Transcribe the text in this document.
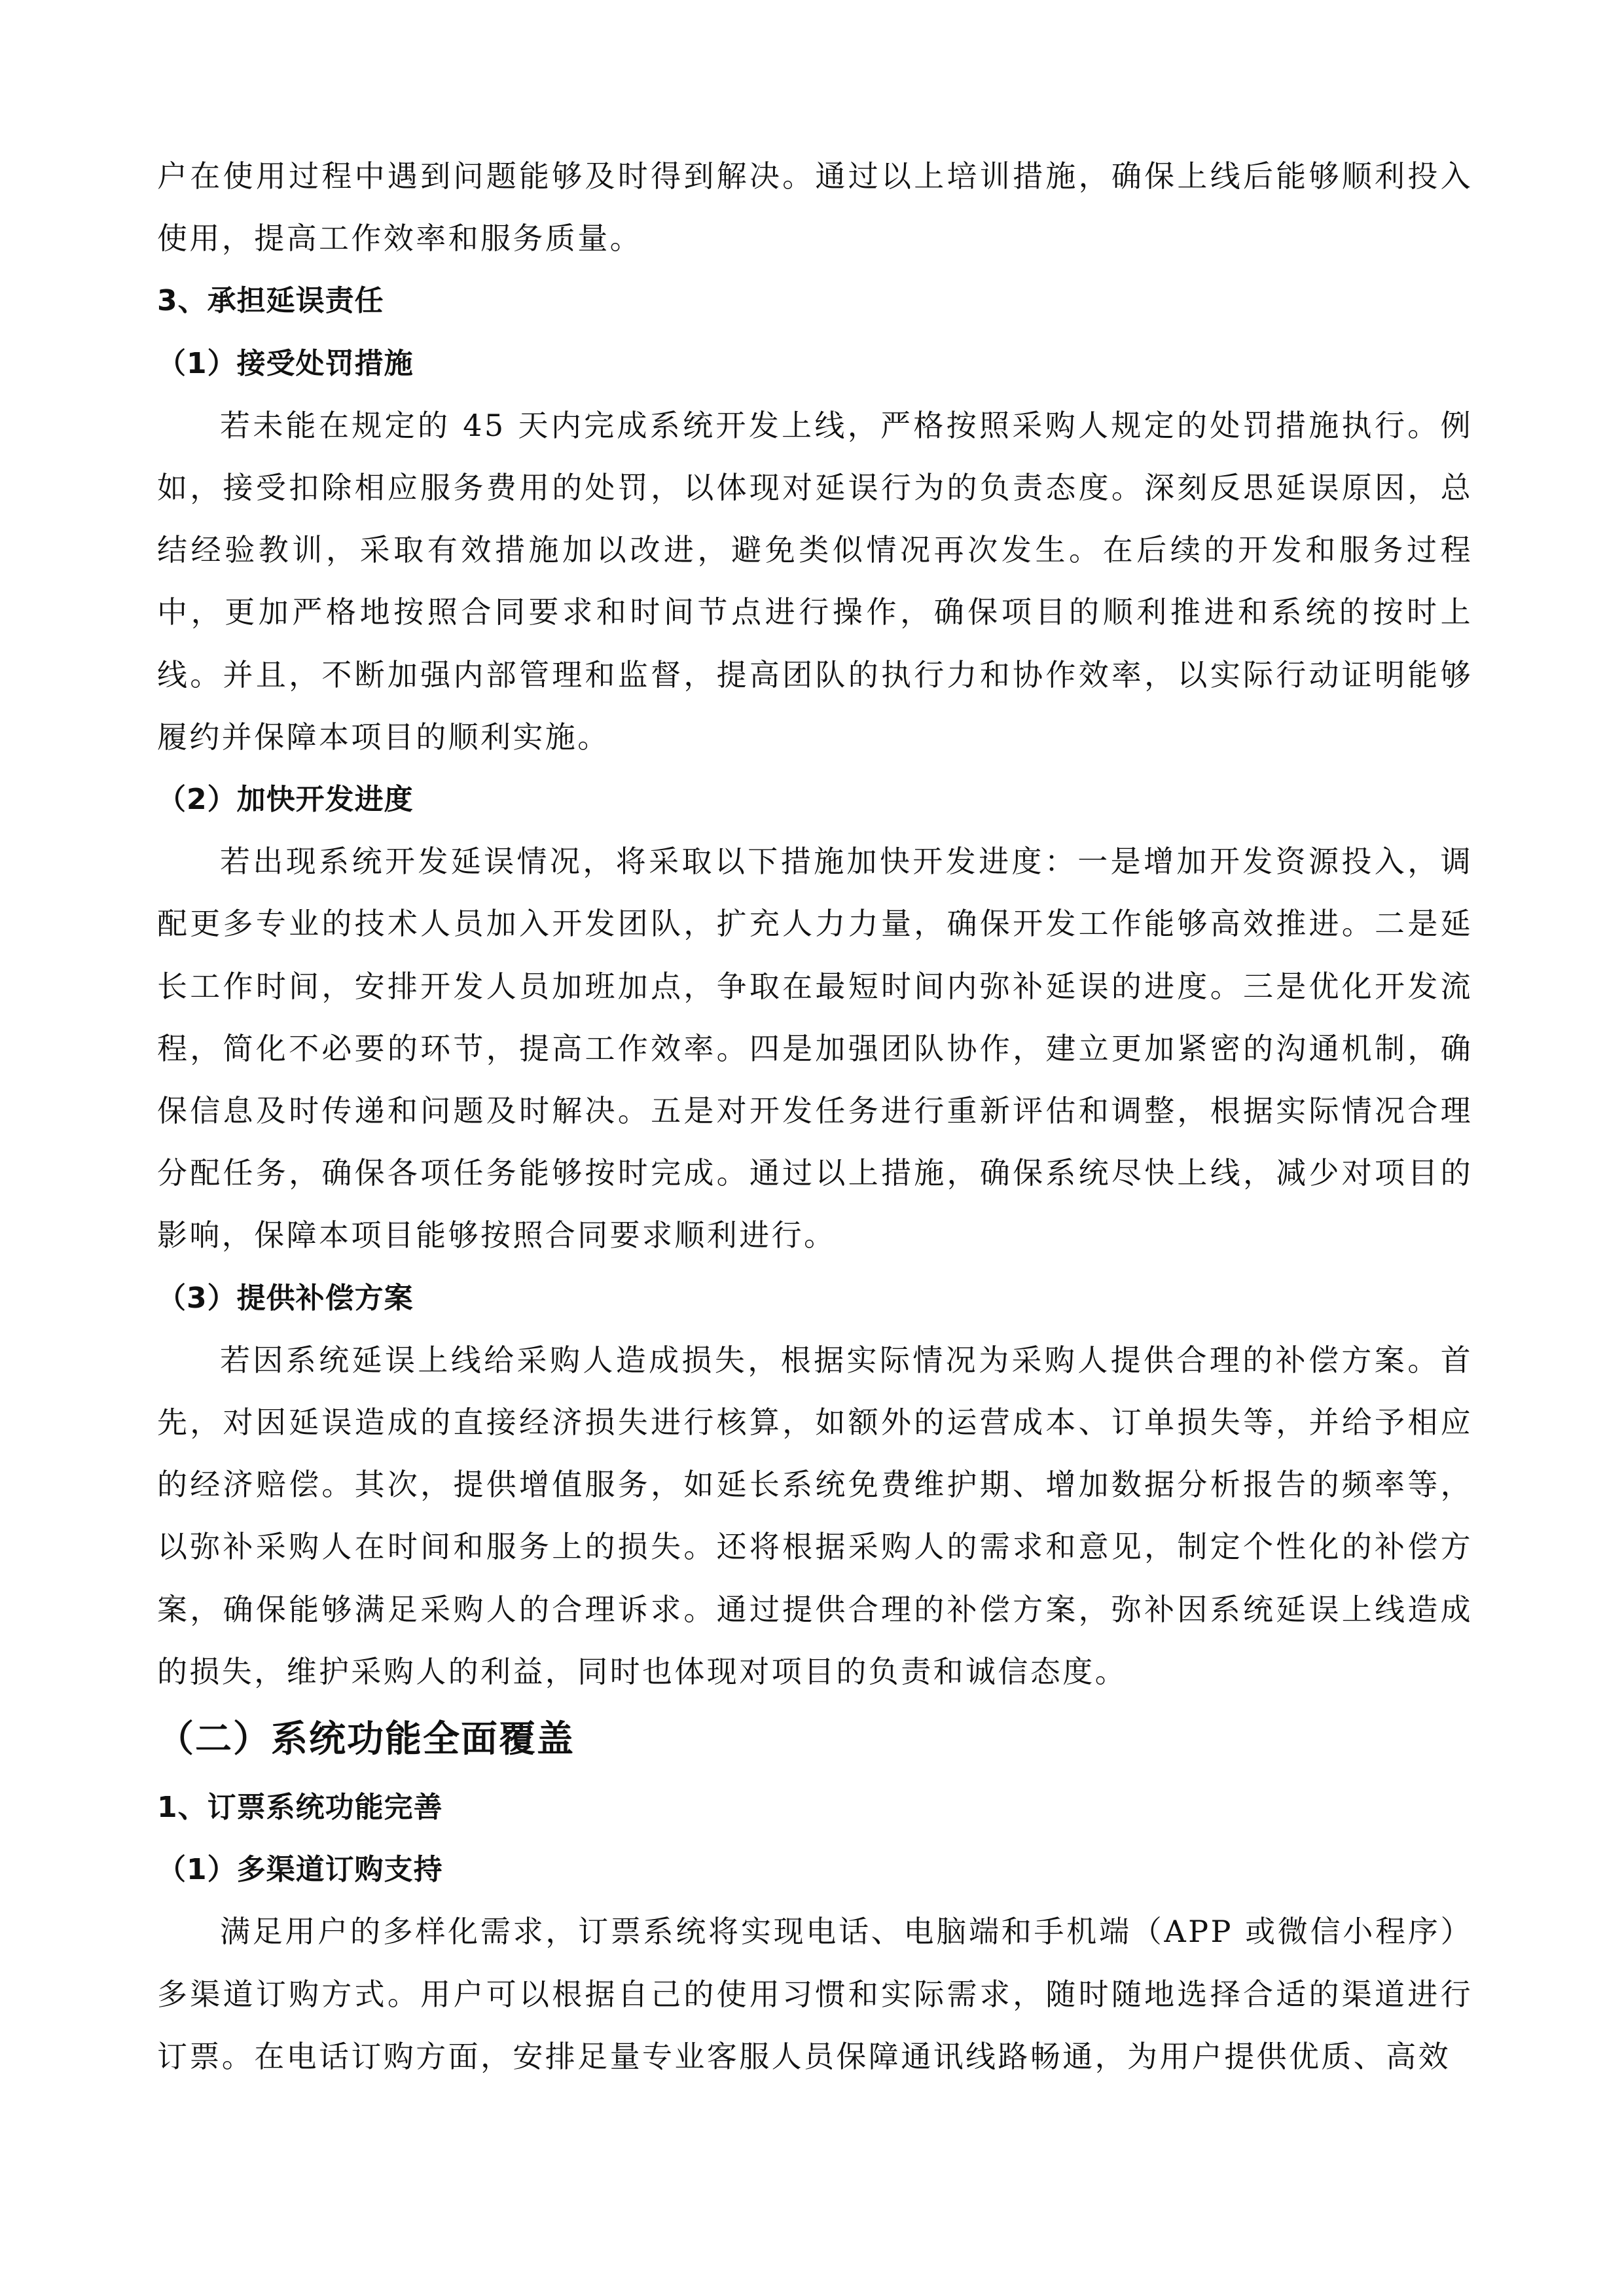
户在使用过程中遇到问题能够及时得到解决。通过以上培训措施，确保上线后能够顺利投入使用，提高工作效率和服务质量。

3、承担延误责任
（1）接受处罚措施

若未能在规定的 45 天内完成系统开发上线，严格按照采购人规定的处罚措施执行。例如，接受扣除相应服务费用的处罚，以体现对延误行为的负责态度。深刻反思延误原因，总结经验教训，采取有效措施加以改进，避免类似情况再次发生。在后续的开发和服务过程中，更加严格地按照合同要求和时间节点进行操作，确保项目的顺利推进和系统的按时上线。并且，不断加强内部管理和监督，提高团队的执行力和协作效率，以实际行动证明能够履约并保障本项目的顺利实施。

（2）加快开发进度

若出现系统开发延误情况，将采取以下措施加快开发进度：一是增加开发资源投入，调配更多专业的技术人员加入开发团队，扩充人力力量，确保开发工作能够高效推进。二是延长工作时间，安排开发人员加班加点，争取在最短时间内弥补延误的进度。三是优化开发流程，简化不必要的环节，提高工作效率。四是加强团队协作，建立更加紧密的沟通机制，确保信息及时传递和问题及时解决。五是对开发任务进行重新评估和调整，根据实际情况合理分配任务，确保各项任务能够按时完成。通过以上措施，确保系统尽快上线，减少对项目的影响，保障本项目能够按照合同要求顺利进行。

（3）提供补偿方案

若因系统延误上线给采购人造成损失，根据实际情况为采购人提供合理的补偿方案。首先，对因延误造成的直接经济损失进行核算，如额外的运营成本、订单损失等，并给予相应的经济赔偿。其次，提供增值服务，如延长系统免费维护期、增加数据分析报告的频率等，以弥补采购人在时间和服务上的损失。还将根据采购人的需求和意见，制定个性化的补偿方案，确保能够满足采购人的合理诉求。通过提供合理的补偿方案，弥补因系统延误上线造成的损失，维护采购人的利益，同时也体现对项目的负责和诚信态度。

（二）系统功能全面覆盖
1、订票系统功能完善
（1）多渠道订购支持

满足用户的多样化需求，订票系统将实现电话、电脑端和手机端（APP 或微信小程序）多渠道订购方式。用户可以根据自己的使用习惯和实际需求，随时随地选择合适的渠道进行订票。在电话订购方面，安排足量专业客服人员保障通讯线路畅通，为用户提供优质、高效
